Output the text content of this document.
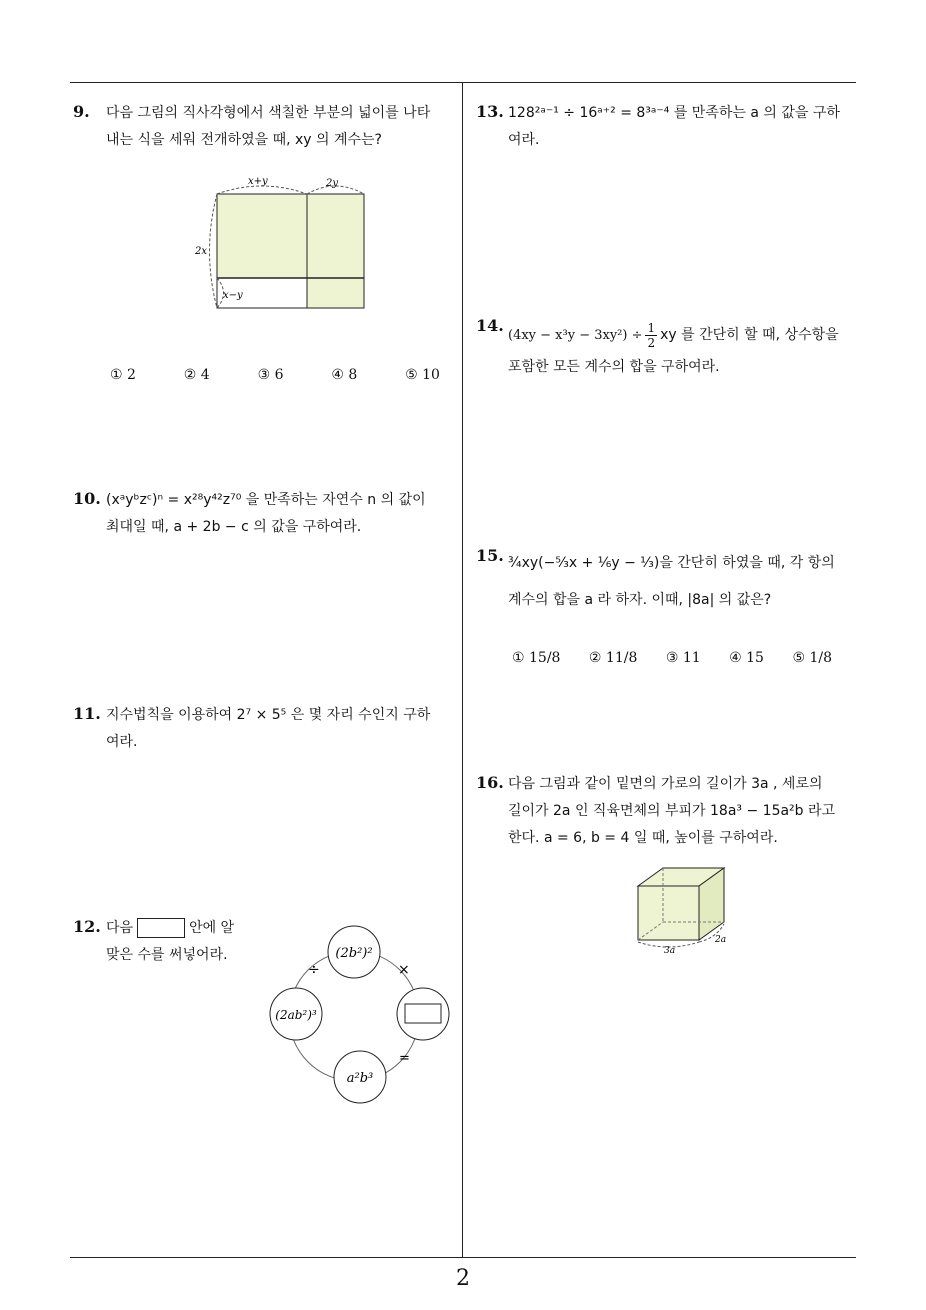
9. 다음 그림의 직사각형에서 색칠한 부분의 넓이를 나타
내는 식을 세워 전개하였을 때, xy 의 계수는?
x+y	2y
2x
x−y
① 2	② 4	③ 6	④ 8	⑤ 10
10. (xᵃyᵇzᶜ)ⁿ = x²⁸y⁴²z⁷⁰ 을 만족하는 자연수 n 의 값이
최대일 때, a + 2b − c 의 값을 구하여라.
11. 지수법칙을 이용하여 2⁷ × 5⁵ 은 몇 자리 수인지 구하
여라.
12. 다음	안에 알
맞은 수를 써넣어라.	(2b²)²
(2ab²)³
a²b³
÷	×
=
13. 128²ᵃ⁻¹ ÷ 16ᵃ⁺² = 8³ᵃ⁻⁴ 를 만족하는 a 의 값을 구하
여라.
14. $(4xy - x^3y - 3xy^2) \div \frac{1}{2}$ xy 를 간단히 할 때, 상수항을
포함한 모든 계수의 합을 구하여라.
15. ¾xy(−⁵⁄₃x + ¹⁄₆y − ¹⁄₃)을 간단히 하였을 때, 각 항의
계수의 합을 a 라 하자. 이때, |8a| 의 값은?
① 15/8 ② 11/8 ③ 11 ④ 15 ⑤ 1/8
16. 다음 그림과 같이 밑면의 가로의 길이가 3a , 세로의
길이가 2a 인 직육면체의 부피가 18a³ − 15a²b 라고
한다. a = 6, b = 4 일 때, 높이를 구하여라.
3a
2a
2
